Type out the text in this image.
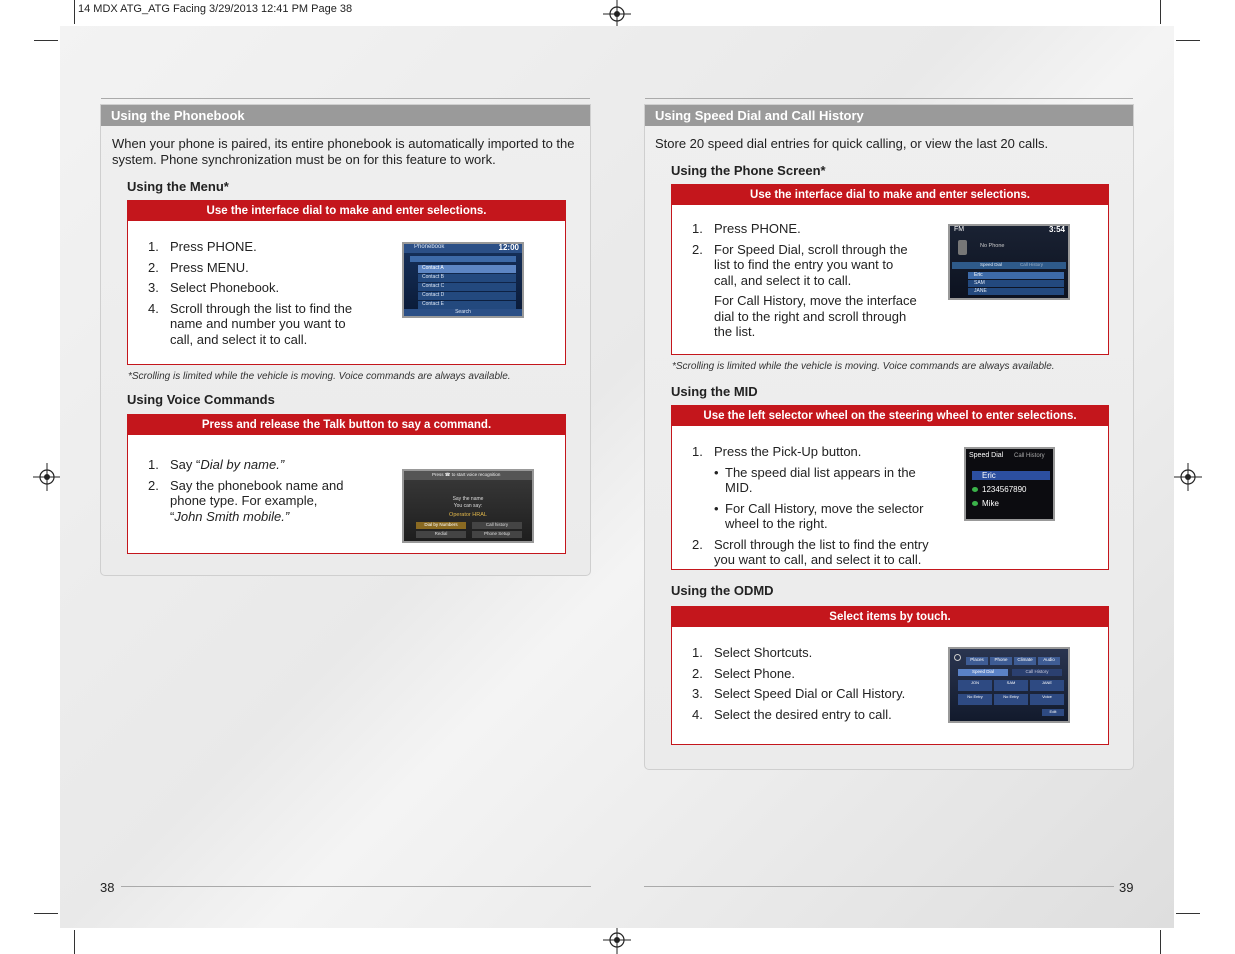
14 MDX ATG_ATG Facing 3/29/2013 12:41 PM Page 38
Using the Phonebook
When your phone is paired, its entire phonebook is automatically imported to the system. Phone synchronization must be on for this feature to work.
Using the Menu*
Use the interface dial to make and enter selections.
1. Press PHONE.
2. Press MENU.
3. Select Phonebook.
4. Scroll through the list to find the name and number you want to call, and select it to call.
Phonebook	12:00
Contact A
Contact B
Contact C
Contact D
Contact E
Search
*Scrolling is limited while the vehicle is moving. Voice commands are always available.
Using Voice Commands
Press and release the Talk button to say a command.
1. Say “Dial by name.”
2. Say the phonebook name and phone type. For example, “John Smith mobile.”
Press ☎ to start voice recognition
Say the name
You can say:
Operator HRAL
Dial by Numbers	Call history
Redial	Phone Setup
38
Using Speed Dial and Call History
Store 20 speed dial entries for quick calling, or view the last 20 calls.
Using the Phone Screen*
Use the interface dial to make and enter selections.
1. Press PHONE.
2. For Speed Dial, scroll through the list to find the entry you want to call, and select it to call.
For Call History, move the interface dial to the right and scroll through the list.
FM	3:54
No Phone
Speed Dial	Call History
Eric
SAM
JANE
*Scrolling is limited while the vehicle is moving. Voice commands are always available.
Using the MID
Use the left selector wheel on the steering wheel to enter selections.
1. Press the Pick-Up button.
• The speed dial list appears in the MID.
• For Call History, move the selector wheel to the right.
2. Scroll through the list to find the entry you want to call, and select it to call.
Speed Dial Call History
Eric
1234567890
Mike
Using the ODMD
Select items by touch.
1. Select Shortcuts.
2. Select Phone.
3. Select Speed Dial or Call History.
4. Select the desired entry to call.
Places	Phone	Climate	Audio
Speed Dial	Call History
JON	SAM	JANE
No Entry	No Entry	Voice
Edit
39
